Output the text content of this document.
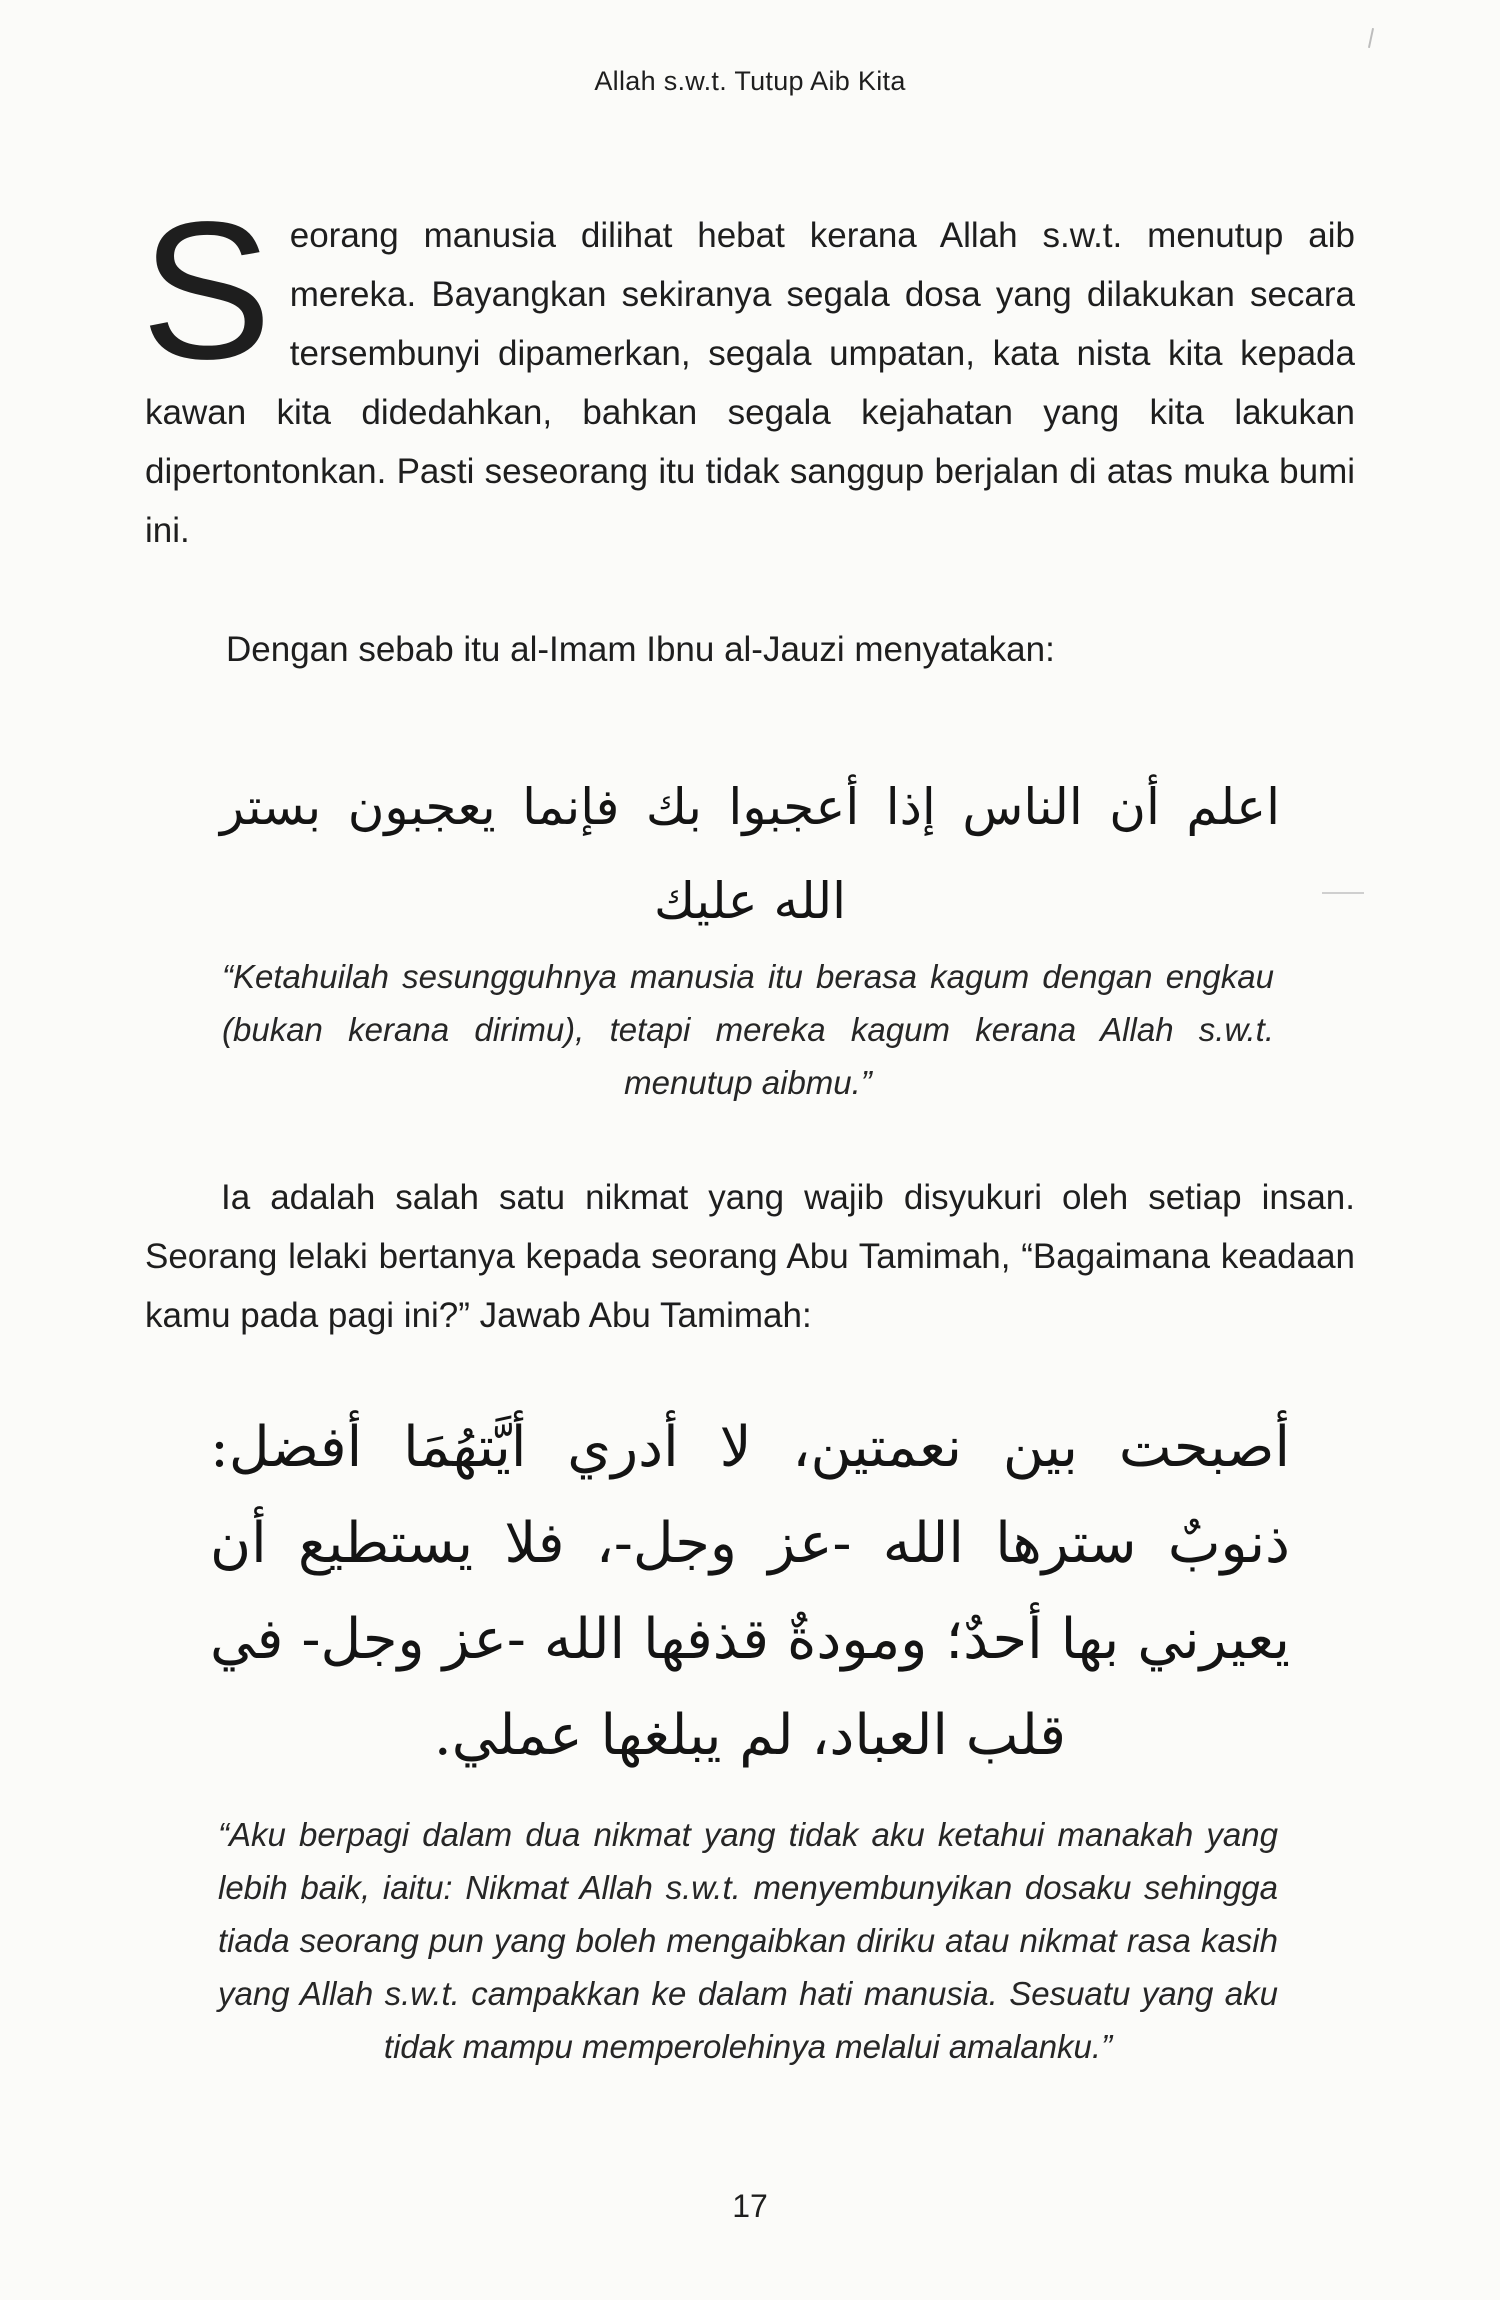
Allah s.w.t. Tutup Aib Kita
Seorang manusia dilihat hebat kerana Allah s.w.t. menutup aib mereka. Bayangkan sekiranya segala dosa yang dilakukan secara tersembunyi dipamerkan, segala umpatan, kata nista kita kepada kawan kita didedahkan, bahkan segala kejahatan yang kita lakukan dipertontonkan. Pasti seseorang itu tidak sanggup berjalan di atas muka bumi ini.
Dengan sebab itu al-Imam Ibnu al-Jauzi menyatakan:
اعلم أن الناس إذا أعجبوا بك فإنما يعجبون بستر الله عليك
“Ketahuilah sesungguhnya manusia itu berasa kagum dengan engkau (bukan kerana dirimu), tetapi mereka kagum kerana Allah s.w.t. menutup aibmu.”
Ia adalah salah satu nikmat yang wajib disyukuri oleh setiap insan. Seorang lelaki bertanya kepada seorang Abu Tamimah, “Bagaimana keadaan kamu pada pagi ini?” Jawab Abu Tamimah:
أصبحت بين نعمتين، لا أدري أيَّتهُمَا أفضل: ذنوبٌ سترها الله -عز وجل-، فلا يستطيع أن يعيرني بها أحدٌ؛ ومودةٌ قذفها الله -عز وجل- في قلب العباد، لم يبلغها عملي.
“Aku berpagi dalam dua nikmat yang tidak aku ketahui manakah yang lebih baik, iaitu: Nikmat Allah s.w.t. menyembunyikan dosaku sehingga tiada seorang pun yang boleh mengaibkan diriku atau nikmat rasa kasih yang Allah s.w.t. campakkan ke dalam hati manusia. Sesuatu yang aku tidak mampu memperolehinya melalui amalanku.”
17
